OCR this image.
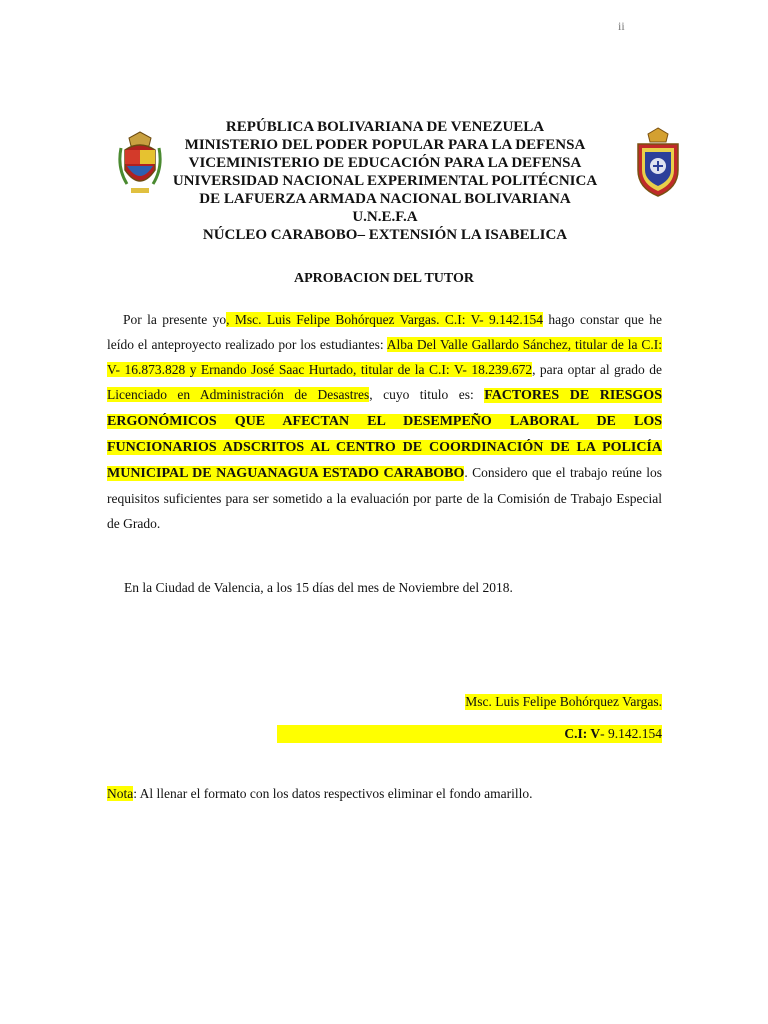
ii
REPÚBLICA BOLIVARIANA DE VENEZUELA
MINISTERIO DEL PODER POPULAR PARA LA DEFENSA
VICEMINISTERIO DE EDUCACIÓN PARA LA DEFENSA
UNIVERSIDAD NACIONAL EXPERIMENTAL POLITÉCNICA
DE LAFUERZA ARMADA NACIONAL BOLIVARIANA
U.N.E.F.A
NÚCLEO CARABOBO– EXTENSIÓN LA ISABELICA
APROBACION DEL TUTOR
Por la presente yo, Msc. Luis Felipe Bohórquez Vargas. C.I: V- 9.142.154 hago constar que he leído el anteproyecto realizado por los estudiantes: Alba Del Valle Gallardo Sánchez, titular de la C.I: V- 16.873.828 y Ernando José Saac Hurtado, titular de la C.I: V- 18.239.672, para optar al grado de Licenciado en Administración de Desastres, cuyo titulo es: FACTORES DE RIESGOS ERGONÓMICOS QUE AFECTAN EL DESEMPEÑO LABORAL DE LOS FUNCIONARIOS ADSCRITOS AL CENTRO DE COORDINACIÓN DE LA POLICÍA MUNICIPAL DE NAGUANAGUA ESTADO CARABOBO. Considero que el trabajo reúne los requisitos suficientes para ser sometido a la evaluación por parte de la Comisión de Trabajo Especial de Grado.
En la Ciudad de Valencia, a los 15 días del mes de Noviembre del 2018.
Msc. Luis Felipe Bohórquez Vargas.
C.I: V- 9.142.154
Nota: Al llenar el formato con los datos respectivos eliminar el fondo amarillo.
